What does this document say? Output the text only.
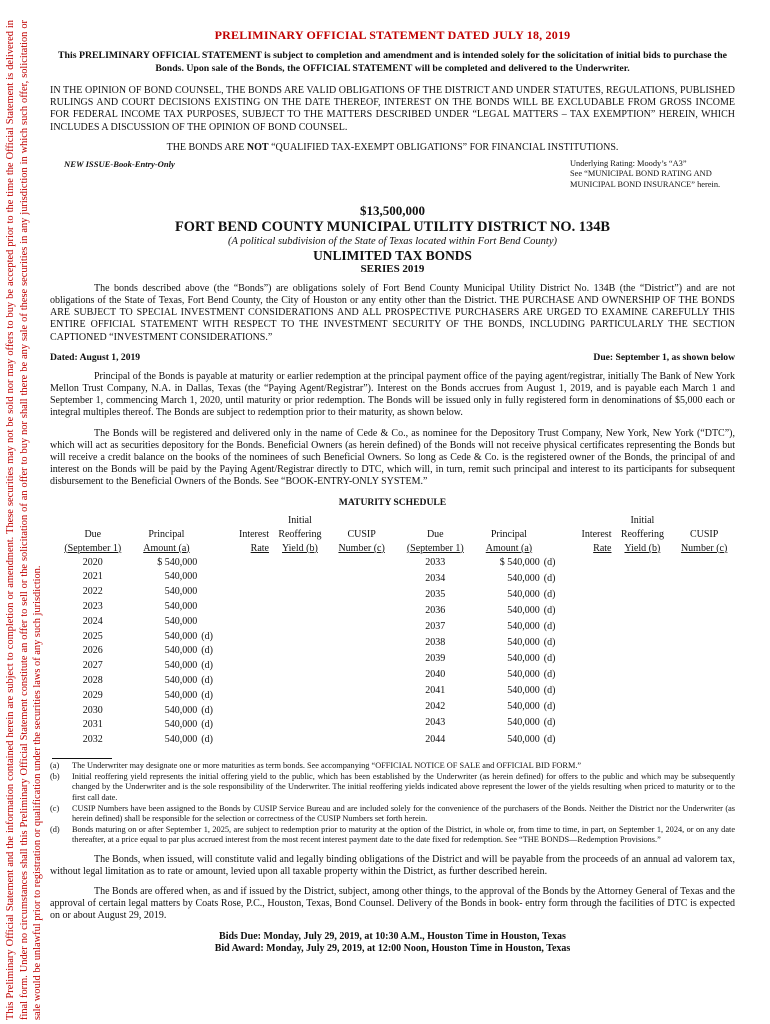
This Preliminary Official Statement and the information contained herein are subject to completion or amendment. These securities may not be sold nor may offers to buy be accepted prior to the time the Official Statement is delivered in final form. Under no circumstances shall this Preliminary Official Statement constitute an offer to sell or the solicitation of an offer to buy nor shall there be any sale of these securities in any jurisdiction in which such offer, solicitation or sale would be unlawful prior to registration or qualification under the securities laws of any such jurisdiction.
PRELIMINARY OFFICIAL STATEMENT DATED JULY 18, 2019
This PRELIMINARY OFFICIAL STATEMENT is subject to completion and amendment and is intended solely for the solicitation of initial bids to purchase the Bonds. Upon sale of the Bonds, the OFFICIAL STATEMENT will be completed and delivered to the Underwriter.
IN THE OPINION OF BOND COUNSEL, THE BONDS ARE VALID OBLIGATIONS OF THE DISTRICT AND UNDER STATUTES, REGULATIONS, PUBLISHED RULINGS AND COURT DECISIONS EXISTING ON THE DATE THEREOF, INTEREST ON THE BONDS WILL BE EXCLUDABLE FROM GROSS INCOME FOR FEDERAL INCOME TAX PURPOSES, SUBJECT TO THE MATTERS DESCRIBED UNDER “LEGAL MATTERS – TAX EXEMPTION” HEREIN, WHICH INCLUDES A DISCUSSION OF THE OPINION OF BOND COUNSEL.
THE BONDS ARE NOT “QUALIFIED TAX-EXEMPT OBLIGATIONS” FOR FINANCIAL INSTITUTIONS.
NEW ISSUE-Book-Entry-Only	Underlying Rating: Moody’s “A3”
See “MUNICIPAL BOND RATING AND
MUNICIPAL BOND INSURANCE” herein.
$13,500,000
FORT BEND COUNTY MUNICIPAL UTILITY DISTRICT NO. 134B
(A political subdivision of the State of Texas located within Fort Bend County)
UNLIMITED TAX BONDS
SERIES 2019
The bonds described above (the “Bonds”) are obligations solely of Fort Bend County Municipal Utility District No. 134B (the “District”) and are not obligations of the State of Texas, Fort Bend County, the City of Houston or any entity other than the District. THE PURCHASE AND OWNERSHIP OF THE BONDS ARE SUBJECT TO SPECIAL INVESTMENT CONSIDERATIONS AND ALL PROSPECTIVE PURCHASERS ARE URGED TO EXAMINE CAREFULLY THIS ENTIRE OFFICIAL STATEMENT WITH RESPECT TO THE INVESTMENT SECURITY OF THE BONDS, INCLUDING PARTICULARLY THE SECTION CAPTIONED “INVESTMENT CONSIDERATIONS.”
Dated: August 1, 2019	Due: September 1, as shown below
Principal of the Bonds is payable at maturity or earlier redemption at the principal payment office of the paying agent/registrar, initially The Bank of New York Mellon Trust Company, N.A. in Dallas, Texas (the “Paying Agent/Registrar”). Interest on the Bonds accrues from August 1, 2019, and is payable each March 1 and September 1, commencing March 1, 2020, until maturity or prior redemption. The Bonds will be issued only in fully registered form in denominations of $5,000 each or integral multiples thereof. The Bonds are subject to redemption prior to their maturity, as shown below.
The Bonds will be registered and delivered only in the name of Cede & Co., as nominee for the Depository Trust Company, New York, New York (“DTC”), which will act as securities depository for the Bonds. Beneficial Owners (as herein defined) of the Bonds will not receive physical certificates representing the Bonds but will receive a credit balance on the books of the nominees of such Beneficial Owners. So long as Cede & Co. is the registered owner of the Bonds, the principal of and interest on the Bonds will be paid by the Paying Agent/Registrar directly to DTC, which will, in turn, remit such principal and interest to its participants for subsequent disbursement to the Beneficial Owners of the Bonds. See “BOOK-ENTRY-ONLY SYSTEM.”
MATURITY SCHEDULE
				Initial	
Due	Principal		Interest	Reoffering	CUSIP
(September 1)	Amount (a)		Rate	Yield (b)	Number (c)
2020	$ 540,000				
2021	540,000				
2022	540,000				
2023	540,000				
2024	540,000				
2025	540,000	(d)			
2026	540,000	(d)			
2027	540,000	(d)			
2028	540,000	(d)			
2029	540,000	(d)			
2030	540,000	(d)			
2031	540,000	(d)			
2032	540,000	(d)			
				Initial	
Due	Principal		Interest	Reoffering	CUSIP
(September 1)	Amount (a)		Rate	Yield (b)	Number (c)
2033	$ 540,000	(d)			
2034	540,000	(d)			
2035	540,000	(d)			
2036	540,000	(d)			
2037	540,000	(d)			
2038	540,000	(d)			
2039	540,000	(d)			
2040	540,000	(d)			
2041	540,000	(d)			
2042	540,000	(d)			
2043	540,000	(d)			
2044	540,000	(d)			
(a)	The Underwriter may designate one or more maturities as term bonds. See accompanying “OFFICIAL NOTICE OF SALE and OFFICIAL BID FORM.”
(b)	Initial reoffering yield represents the initial offering yield to the public, which has been established by the Underwriter (as herein defined) for offers to the public and which may be subsequently changed by the Underwriter and is the sole responsibility of the Underwriter. The initial reoffering yields indicated above represent the lower of the yields resulting when priced to maturity or to the first call date.
(c)	CUSIP Numbers have been assigned to the Bonds by CUSIP Service Bureau and are included solely for the convenience of the purchasers of the Bonds. Neither the District nor the Underwriter (as herein defined) shall be responsible for the selection or correctness of the CUSIP Numbers set forth herein.
(d)	Bonds maturing on or after September 1, 2025, are subject to redemption prior to maturity at the option of the District, in whole or, from time to time, in part, on September 1, 2024, or on any date thereafter, at a price equal to par plus accrued interest from the most recent interest payment date to the date fixed for redemption. See “THE BONDS—Redemption Provisions.”
The Bonds, when issued, will constitute valid and legally binding obligations of the District and will be payable from the proceeds of an annual ad valorem tax, without legal limitation as to rate or amount, levied upon all taxable property within the District, as further described herein.
The Bonds are offered when, as and if issued by the District, subject, among other things, to the approval of the Bonds by the Attorney General of Texas and the approval of certain legal matters by Coats Rose, P.C., Houston, Texas, Bond Counsel. Delivery of the Bonds in book- entry form through the facilities of DTC is expected on or about August 29, 2019.
Bids Due: Monday, July 29, 2019, at 10:30 A.M., Houston Time in Houston, Texas
Bid Award: Monday, July 29, 2019, at 12:00 Noon, Houston Time in Houston, Texas
